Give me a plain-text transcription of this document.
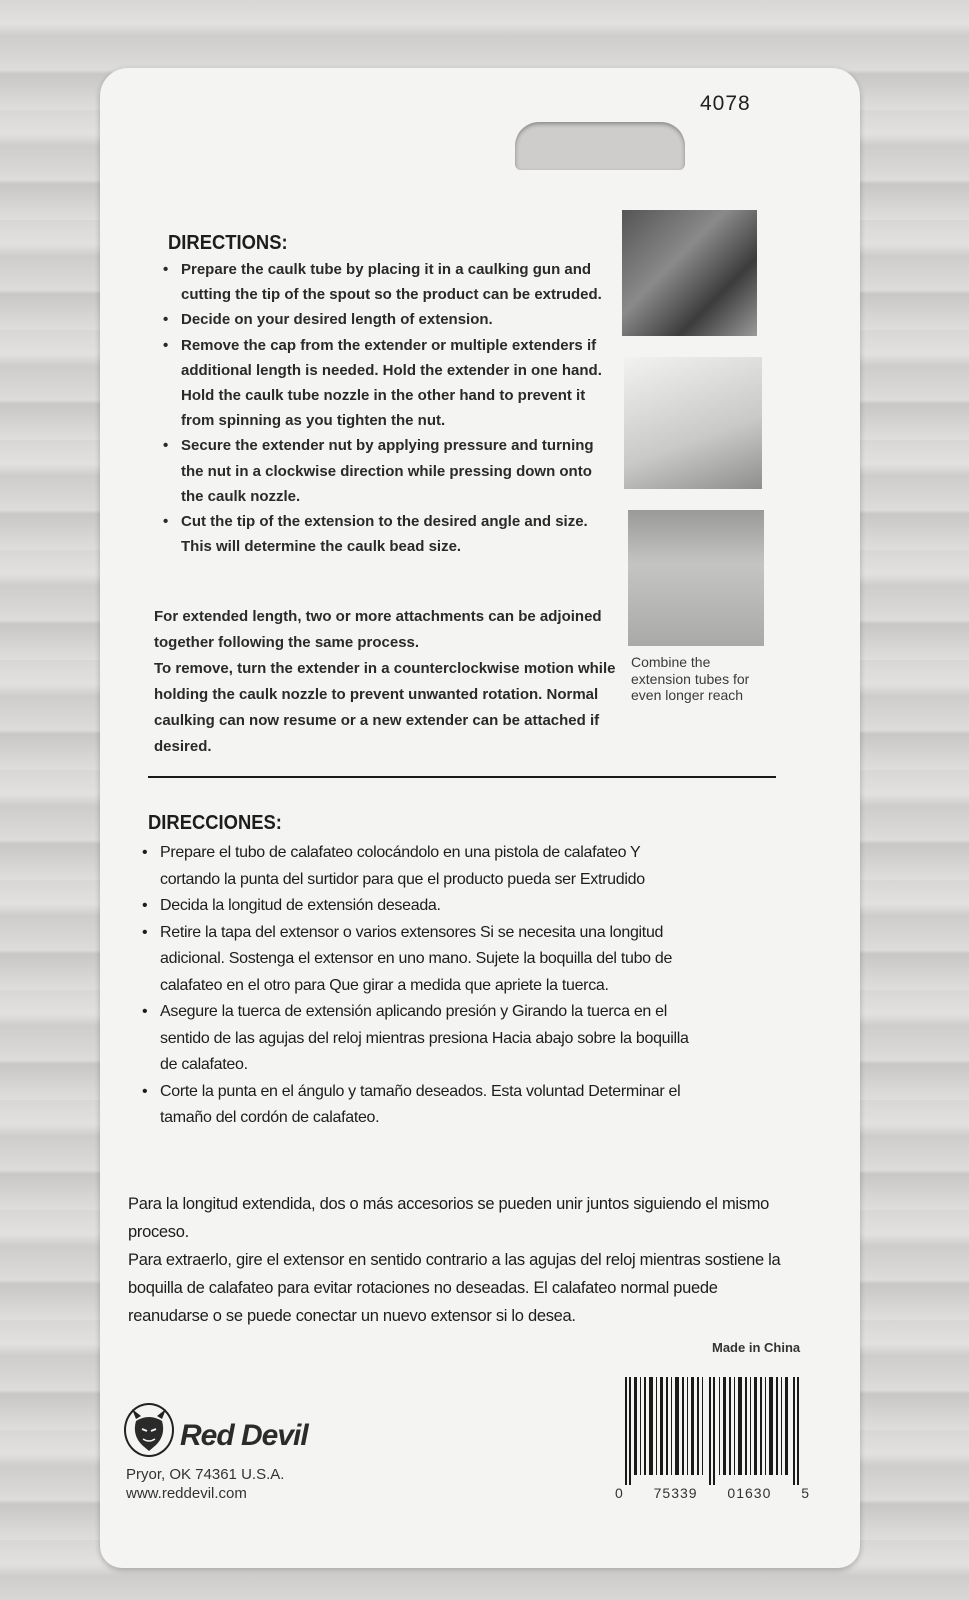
4078
DIRECTIONS:
• Prepare the caulk tube by placing it in a caulking gun and cutting the tip of the spout so the product can be extruded.
• Decide on your desired length of extension.
• Remove the cap from the extender or multiple extenders if additional length is needed. Hold the extender in one hand. Hold the caulk tube nozzle in the other hand to prevent it from spinning as you tighten the nut.
• Secure the extender nut by applying pressure and turning the nut in a clockwise direction while pressing down onto the caulk nozzle.
• Cut the tip of the extension to the desired angle and size. This will determine the caulk bead size.

For extended length, two or more attachments can be adjoined together following the same process.

To remove, turn the extender in a counterclockwise motion while holding the caulk nozzle to prevent unwanted rotation. Normal caulking can now resume or a new extender can be attached if desired.

Combine the extension tubes for even longer reach
DIRECCIONES:
• Prepare el tubo de calafateo colocándolo en una pistola de calafateo Y cortando la punta del surtidor para que el producto pueda ser Extrudido
• Decida la longitud de extensión deseada.
• Retire la tapa del extensor o varios extensores Si se necesita una longitud adicional. Sostenga el extensor en uno mano. Sujete la boquilla del tubo de calafateo en el otro para Que girar a medida que apriete la tuerca.
• Asegure la tuerca de extensión aplicando presión y Girando la tuerca en el sentido de las agujas del reloj mientras presiona Hacia abajo sobre la boquilla de calafateo.
• Corte la punta en el ángulo y tamaño deseados. Esta voluntad Determinar el tamaño del cordón de calafateo.

Para la longitud extendida, dos o más accesorios se pueden unir juntos siguiendo el mismo proceso.

Para extraerlo, gire el extensor en sentido contrario a las agujas del reloj mientras sostiene la boquilla de calafateo para evitar rotaciones no deseadas. El calafateo normal puede reanudarse o se puede conectar un nuevo extensor si lo desea.

Made in China
Red Devil
Pryor, OK 74361 U.S.A.
www.reddevil.com	0 75339 01630 5
